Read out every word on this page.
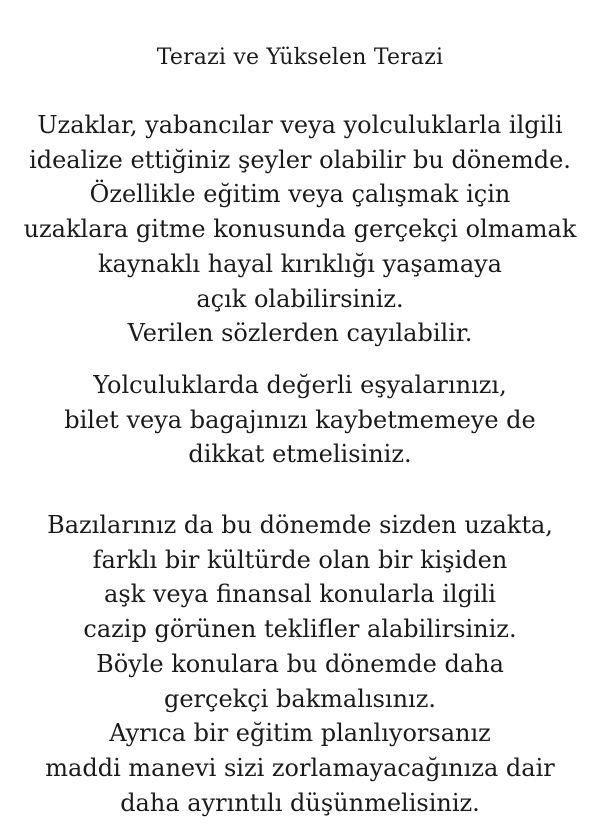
Terazi ve Yükselen Terazi
Uzaklar, yabancılar veya yolculuklarla ilgili
idealize ettiğiniz şeyler olabilir bu dönemde.
Özellikle eğitim veya çalışmak için
uzaklara gitme konusunda gerçekçi olmamak
kaynaklı hayal kırıklığı yaşamaya
açık olabilirsiniz.
Verilen sözlerden cayılabilir.
Yolculuklarda değerli eşyalarınızı,
bilet veya bagajınızı kaybetmemeye de
dikkat etmelisiniz.
Bazılarınız da bu dönemde sizden uzakta,
farklı bir kültürde olan bir kişiden
aşk veya finansal konularla ilgili
cazip görünen teklifler alabilirsiniz.
Böyle konulara bu dönemde daha
gerçekçi bakmalısınız.
Ayrıca bir eğitim planlıyorsanız
maddi manevi sizi zorlamayacağınıza dair
daha ayrıntılı düşünmelisiniz.
